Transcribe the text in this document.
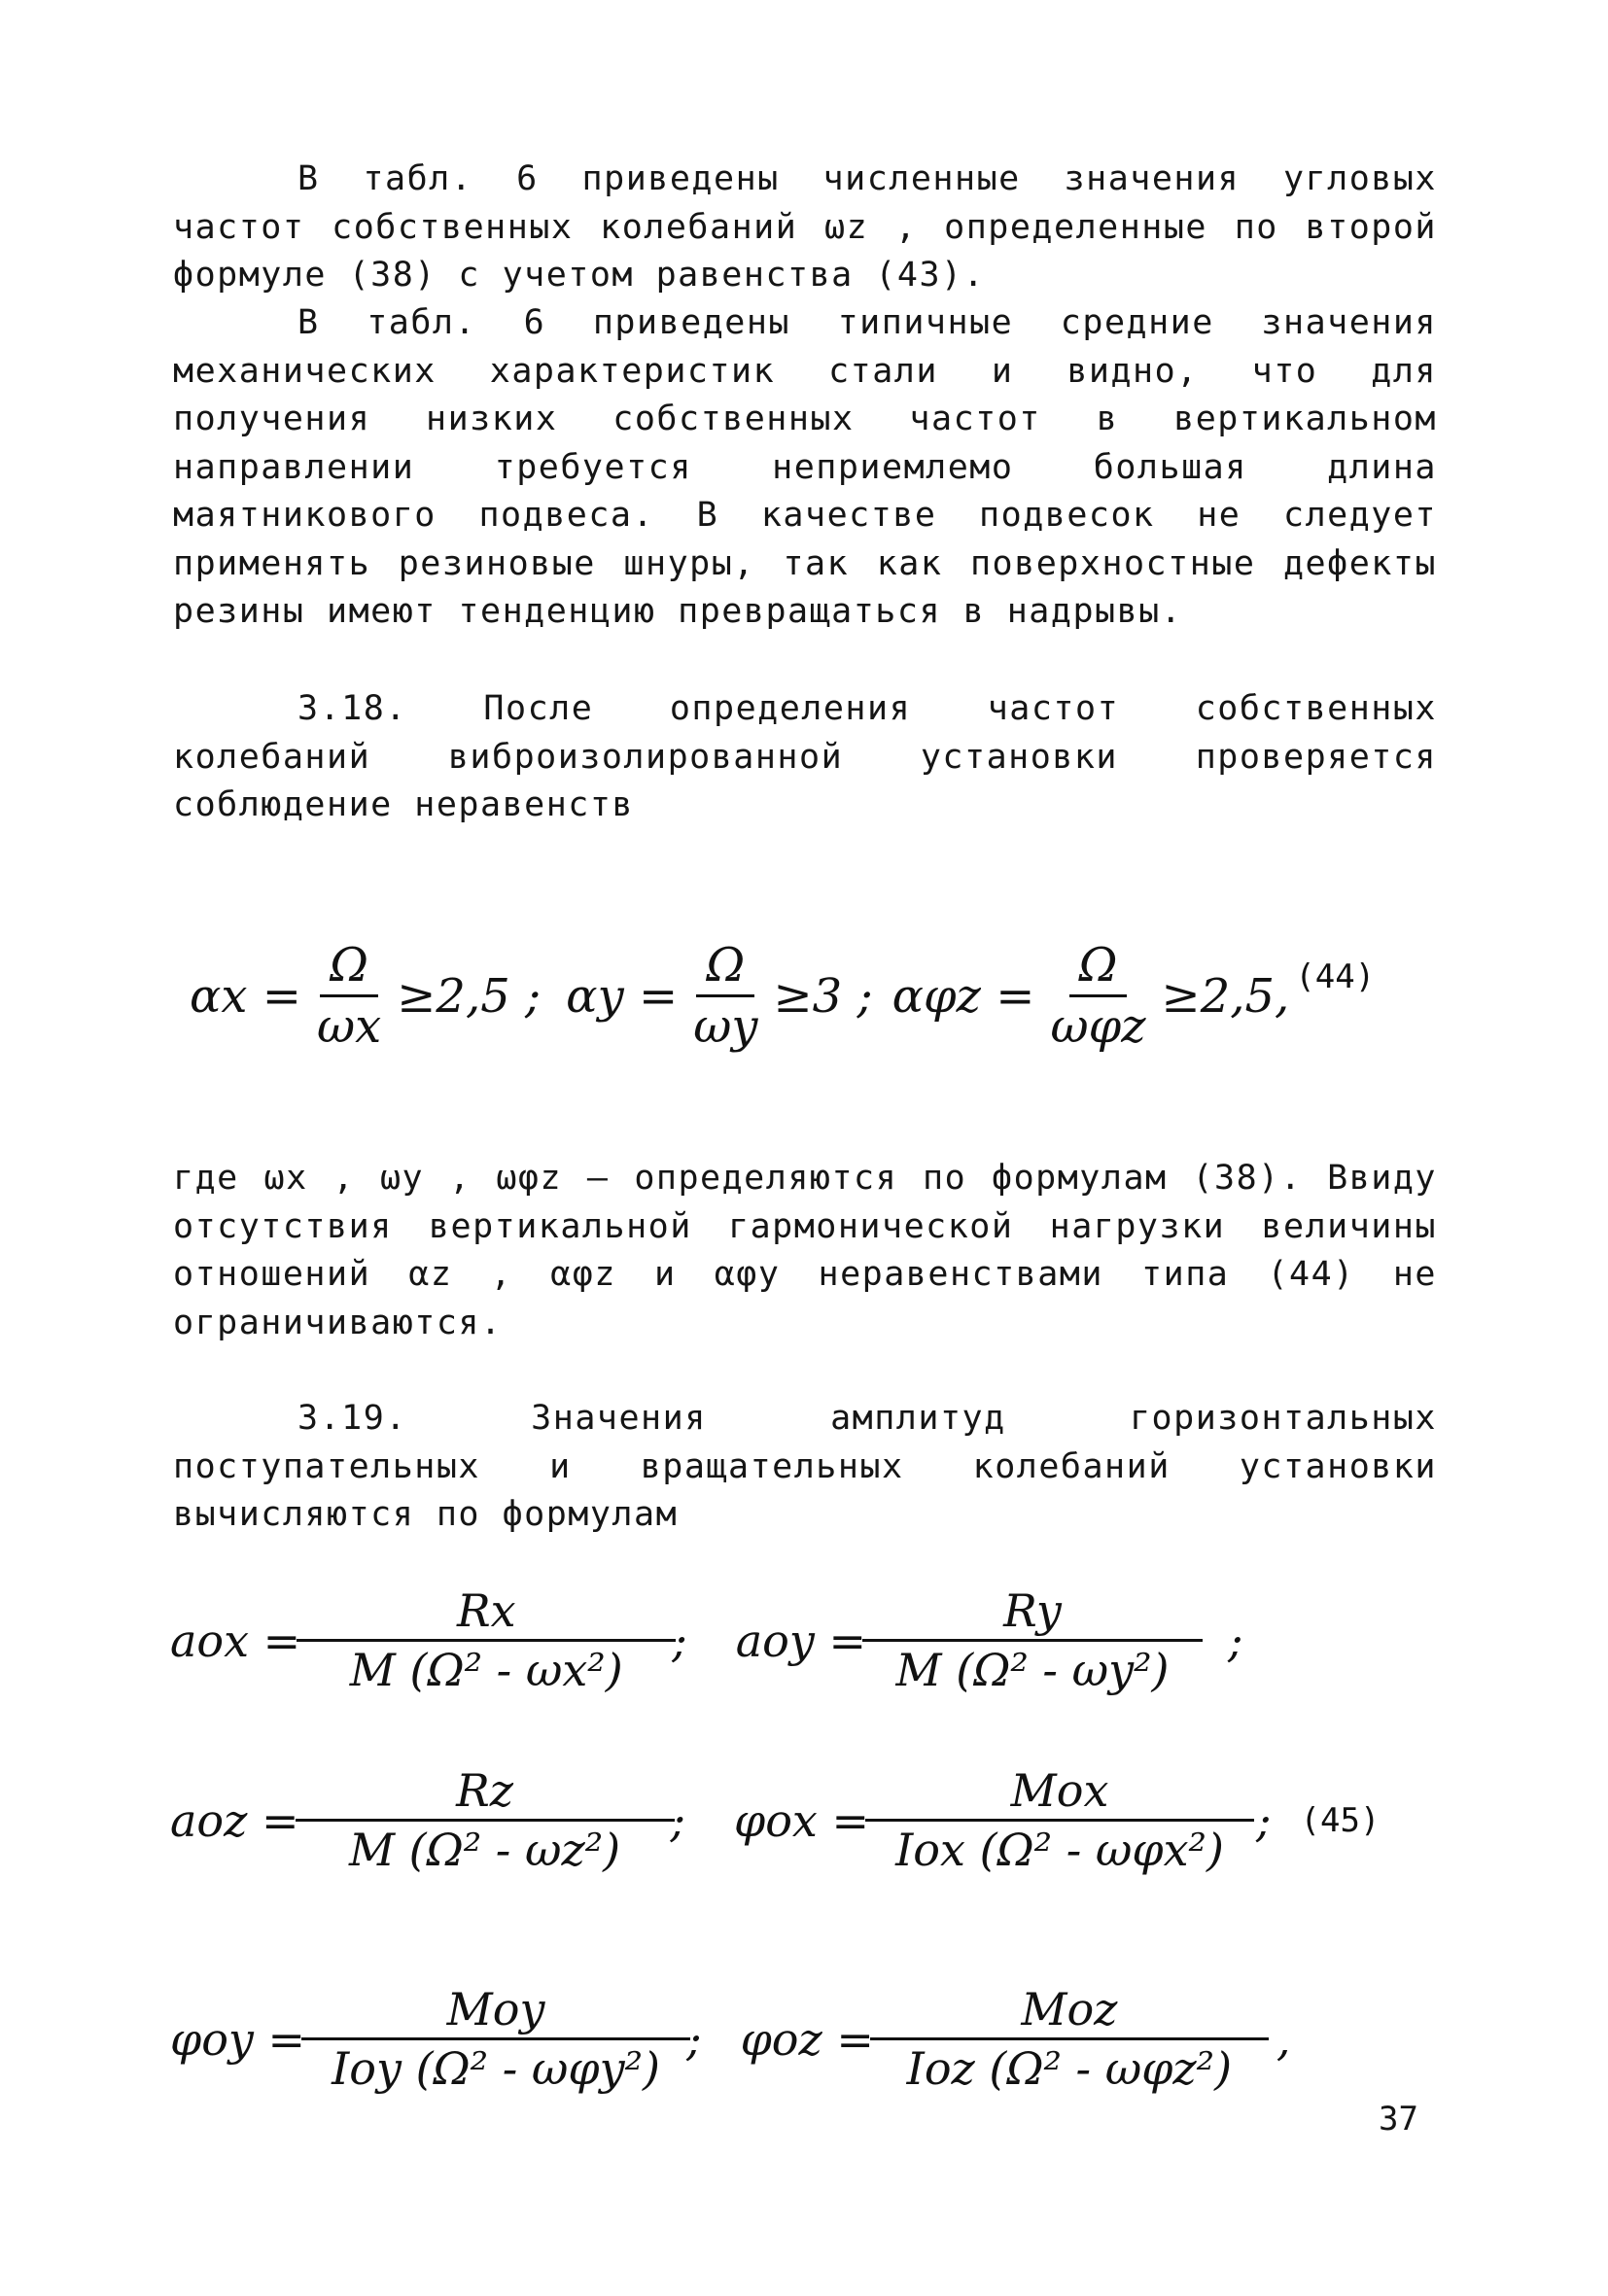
В табл. 6 приведены численные значения угловых частот собственных колебаний ωz , определенные по второй формуле (38) с учетом равенства (43).

В табл. 6 приведены типичные средние значения механических характеристик стали и видно, что для получения низких собственных частот в вертикальном направлении требуется неприемлемо большая длина маятникового подвеса. В качестве подвесок не следует применять резиновые шнуры, так как поверхностные дефекты резины имеют тенденцию превращаться в надрывы.

3.18. После определения частот собственных колебаний виброизолированной установки проверяется соблюдение неравенств

$\alpha x = \frac{\Omega}{\omega x} \ge 2,5$ ; $\alpha y = \frac{\Omega}{\omega y} \ge 3$ ; $\alpha\varphi z = \frac{\Omega}{\text{ωφz}} \ge 2,5$, (44)

где ωx , ωy , ωφz – определяются по формулам (38). Ввиду отсутствия вертикальной гармонической нагрузки величины отношений αz , αφz и αφy неравенствами типа (44) не ограничиваются.

3.19. Значения амплитуд горизонтальных поступательных и вращательных колебаний установки вычисляются по формулам

aox = $\frac{Rx}{\text{M (Ω² - ωx²)}}$ ; aoy = $\frac{Ry}{\text{M (Ω² - ωy²)}}$ ;
aoz = $\frac{Rz}{\text{M (Ω² - ωz²)}}$ ; $\varphi ox = \frac{\text{Mox}}{\text{Iox (Ω² - ωφx²)}}$ ; (45)
$\varphi oy = \frac{\text{Moy}}{\text{Ioy (Ω² - ωφy²)}}$ ; $\varphi oz = \frac{\text{Moz}}{\text{Ioz (Ω² - ωφz²)}}$ ,
37
